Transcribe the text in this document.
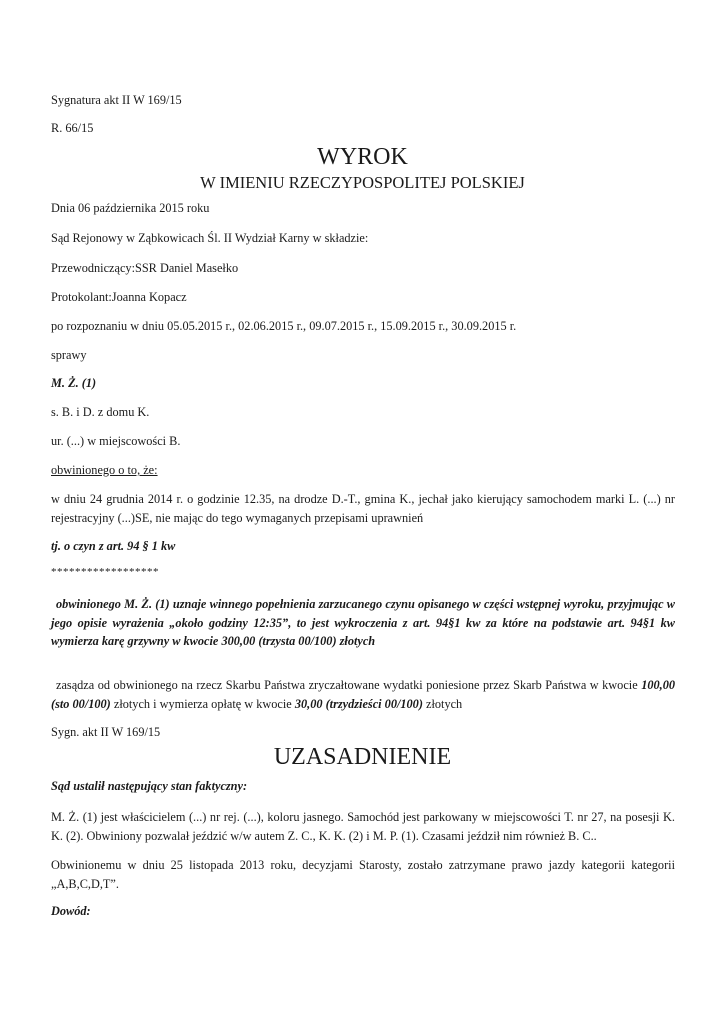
Sygnatura akt II W 169/15
R. 66/15
WYROK
W IMIENIU RZECZYPOSPOLITEJ POLSKIEJ
Dnia 06 października 2015 roku
Sąd Rejonowy w Ząbkowicach Śl. II Wydział Karny w składzie:
Przewodniczący:SSR Daniel Masełko
Protokolant:Joanna Kopacz
po rozpoznaniu w dniu 05.05.2015 r., 02.06.2015 r., 09.07.2015 r., 15.09.2015 r., 30.09.2015 r.
sprawy
M. Ż. (1)
s. B. i D. z domu K.
ur. (...) w miejscowości B.
obwinionego o to, że:
w dniu 24 grudnia 2014 r. o godzinie 12.35, na drodze D.-T., gmina K., jechał jako kierujący samochodem marki L. (...) nr rejestracyjny (...)SE, nie mając do tego wymaganych przepisami uprawnień
tj. o czyn z art. 94 § 1 kw
******************
obwinionego M. Ż. (1) uznaje winnego popełnienia zarzucanego czynu opisanego w części wstępnej wyroku, przyjmując w jego opisie wyrażenia „około godziny 12:35”, to jest wykroczenia z art. 94§1 kw za które na podstawie art. 94§1 kw wymierza karę grzywny w kwocie 300,00 (trzysta 00/100) złotych
zasądza od obwinionego na rzecz Skarbu Państwa zryczałtowane wydatki poniesione przez Skarb Państwa w kwocie 100,00 (sto 00/100) złotych i wymierza opłatę w kwocie 30,00 (trzydzieści 00/100) złotych
Sygn. akt II W 169/15
UZASADNIENIE
Sąd ustalił następujący stan faktyczny:
M. Ż. (1) jest właścicielem (...) nr rej. (...), koloru jasnego. Samochód jest parkowany w miejscowości T. nr 27, na posesji K. K. (2). Obwiniony pozwalał jeździć w/w autem Z. C., K. K. (2) i M. P. (1). Czasami jeździł nim również B. C..
Obwinionemu w dniu 25 listopada 2013 roku, decyzjami Starosty, zostało zatrzymane prawo jazdy kategorii kategorii „A,B,C,D,T”.
Dowód:
